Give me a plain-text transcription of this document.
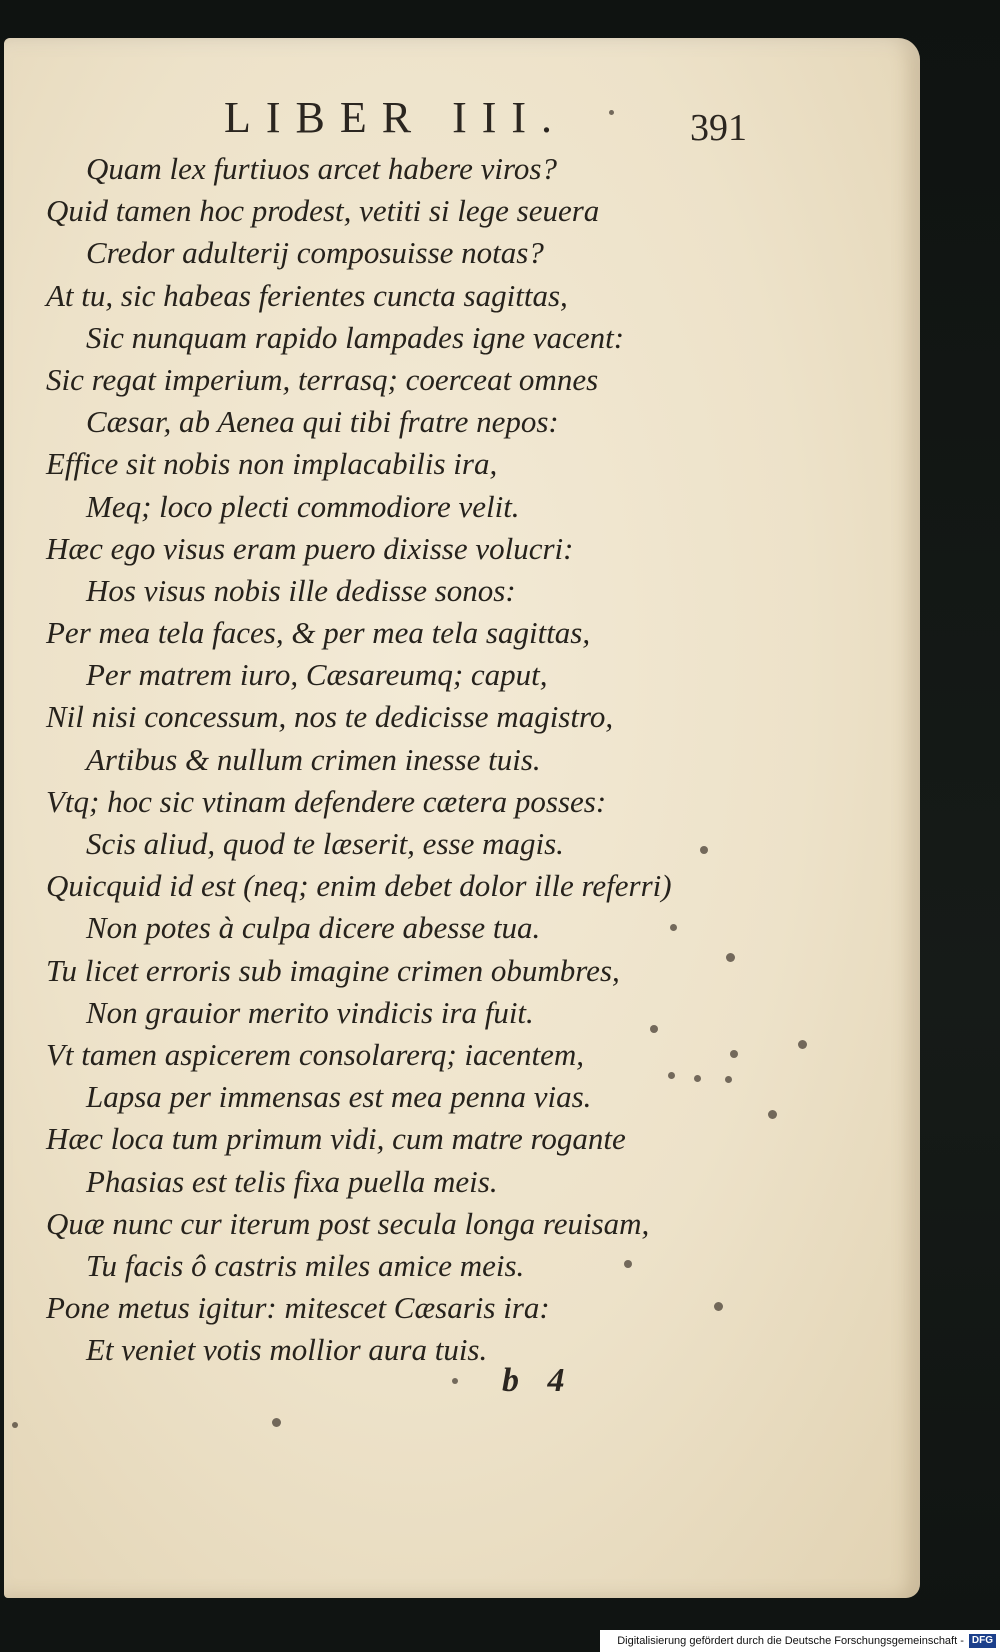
LIBER III.	391
Quam lex furtiuos arcet habere viros?
Quid tamen hoc prodest, vetiti si lege seuera
Credor adulterij composuisse notas?
At tu, sic habeas ferientes cuncta sagittas,
Sic nunquam rapido lampades igne vacent:
Sic regat imperium, terrasq; coerceat omnes
Cæsar, ab Aenea qui tibi fratre nepos:
Effice sit nobis non implacabilis ira,
Meq; loco plecti commodiore velit.
Hæc ego visus eram puero dixisse volucri:
Hos visus nobis ille dedisse sonos:
Per mea tela faces, & per mea tela sagittas,
Per matrem iuro, Cæsareumq; caput,
Nil nisi concessum, nos te dedicisse magistro,
Artibus & nullum crimen inesse tuis.
Vtq; hoc sic vtinam defendere cætera posses:
Scis aliud, quod te læserit, esse magis.
Quicquid id est (neq; enim debet dolor ille referri)
Non potes à culpa dicere abesse tua.
Tu licet erroris sub imagine crimen obumbres,
Non grauior merito vindicis ira fuit.
Vt tamen aspicerem consolarerq; iacentem,
Lapsa per immensas est mea penna vias.
Hæc loca tum primum vidi, cum matre rogante
Phasias est telis fixa puella meis.
Quæ nunc cur iterum post secula longa reuisam,
Tu facis ô castris miles amice meis.
Pone metus igitur: mitescet Cæsaris ira:
Et veniet votis mollior aura tuis.
b 4
Digitalisierung gefördert durch die Deutsche Forschungsgemeinschaft - DFG
